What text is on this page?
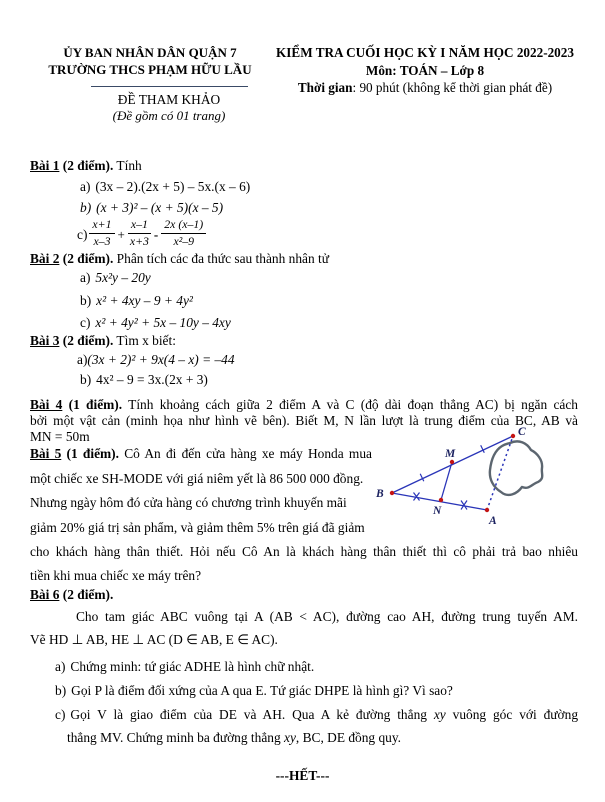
ỦY BAN NHÂN DÂN QUẬN 7
TRƯỜNG THCS PHẠM HỮU LẦU
ĐỀ THAM KHẢO
(Đề gồm có 01 trang)
KIỂM TRA CUỐI HỌC KỲ I NĂM HỌC 2022-2023
Môn: TOÁN – Lớp 8
Thời gian: 90 phút (không kể thời gian phát đề)
Bài 1 (2 điểm). Tính
a) (3x – 2).(2x + 5) – 5x.(x – 6)
b) (x + 3)² – (x + 5)(x – 5)
$c) \frac{x+1}{x-3} + \frac{x-1}{x+3} - \frac{2x (x-1)}{\text{x²–9}}$
Bài 2 (2 điểm). Phân tích các đa thức sau thành nhân tử
a) 5x²y – 20y
b) x² + 4xy – 9 + 4y²
c) x² + 4y² + 5x – 10y – 4xy
Bài 3 (2 điểm). Tìm x biết:
a)(3x + 2)² + 9x(4 – x) = –44
b) 4x² – 9 = 3x.(2x + 3)
Bài 4 (1 điểm). Tính khoảng cách giữa 2 điểm A và C (độ dài đoạn thẳng AC) bị ngăn cách
bởi một vật cản (minh họa như hình vẽ bên). Biết M, N lần lượt là trung điểm của BC, AB và
MN = 50m
Bài 5 (1 điểm). Cô An đi đến cửa hàng xe máy Honda mua
một chiếc xe SH-MODE với giá niêm yết là 86 500 000 đồng.
Nhưng ngày hôm đó cửa hàng có chương trình khuyến mãi
giảm 20% giá trị sản phẩm, và giảm thêm 5% trên giá đã giảm
cho khách hàng thân thiết. Hỏi nếu Cô An là khách hàng thân thiết thì cô phải trả bao nhiêu
tiền khi mua chiếc xe máy trên?
B
C
M
N
A
Bài 6 (2 điểm).
Cho tam giác ABC vuông tại A (AB < AC), đường cao AH, đường trung tuyến AM.
Vẽ HD ⊥ AB, HE ⊥ AC (D ∈ AB, E ∈ AC).
a) Chứng minh: tứ giác ADHE là hình chữ nhật.
b) Gọi P là điểm đối xứng của A qua E. Tứ giác DHPE là hình gì? Vì sao?
c) Gọi V là giao điểm của DE và AH. Qua A kẻ đường thẳng xy vuông góc với đường
thẳng MV. Chứng minh ba đường thẳng xy, BC, DE đồng quy.
---HẾT---
